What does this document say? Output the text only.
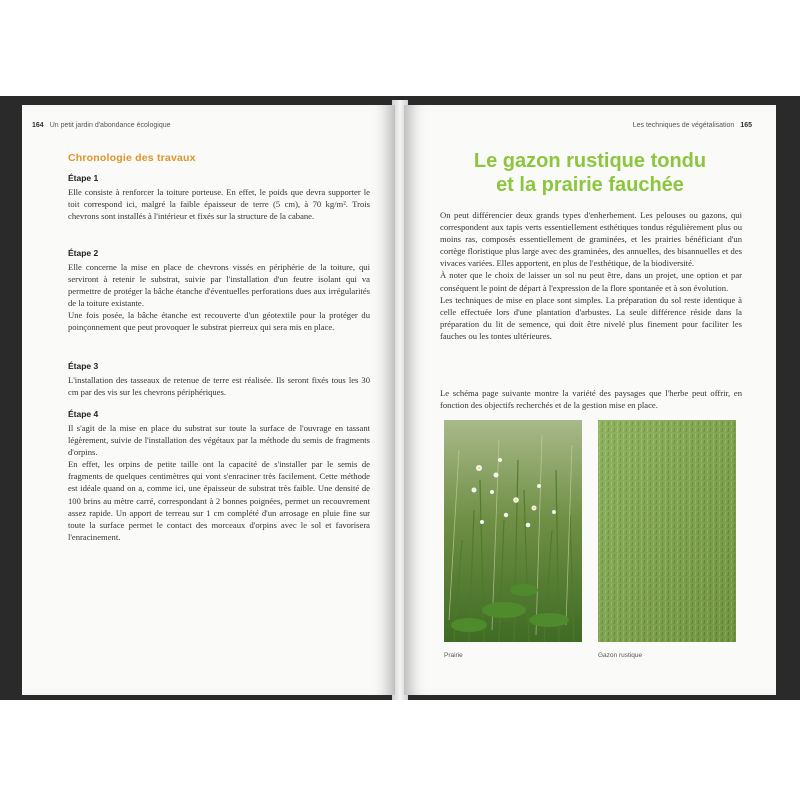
164 Un petit jardin d'abondance écologique
Chronologie des travaux
Étape 1

Elle consiste à renforcer la toiture porteuse. En effet, le poids que devra supporter le toit correspond ici, malgré la faible épaisseur de terre (5 cm), à 70 kg/m². Trois chevrons sont installés à l'intérieur et fixés sur la structure de la cabane.

Étape 2

Elle concerne la mise en place de chevrons vissés en périphérie de la toiture, qui serviront à retenir le substrat, suivie par l'installation d'un feutre isolant qui va permettre de protéger la bâche étanche d'éventuelles perforations dues aux irrégularités de la toiture existante.
Une fois posée, la bâche étanche est recouverte d'un géotextile pour la protéger du poinçonnement que peut provoquer le substrat pierreux qui sera mis en place.

Étape 3

L'installation des tasseaux de retenue de terre est réalisée. Ils seront fixés tous les 30 cm par des vis sur les chevrons périphériques.

Étape 4

Il s'agit de la mise en place du substrat sur toute la surface de l'ouvrage en tassant légèrement, suivie de l'installation des végétaux par la méthode du semis de fragments d'orpins.
En effet, les orpins de petite taille ont la capacité de s'installer par le semis de fragments de quelques centimètres qui vont s'enraciner très facilement. Cette méthode est idéale quand on a, comme ici, une épaisseur de substrat très faible. Une densité de 100 brins au mètre carré, correspondant à 2 bonnes poignées, permet un recouvrement assez rapide. Un apport de terreau sur 1 cm complété d'un arrosage en pluie fine sur toute la surface permet le contact des morceaux d'orpins avec le sol et favorisera l'enracinement.

Les techniques de végétalisation 165
Le gazon rustique tondu
et la prairie fauchée

On peut différencier deux grands types d'enherbement. Les pelouses ou gazons, qui correspondent aux tapis verts essentiellement esthétiques tondus régulièrement plus ou moins ras, composés essentiellement de graminées, et les prairies bénéficiant d'un cortège floristique plus large avec des graminées, des annuelles, des bisannuelles et des vivaces variées. Elles apportent, en plus de l'esthétique, de la biodiversité.
À noter que le choix de laisser un sol nu peut être, dans un projet, une option et par conséquent le point de départ à l'expression de la flore spontanée et à son évolution.
Les techniques de mise en place sont simples. La préparation du sol reste identique à celle effectuée lors d'une plantation d'arbustes. La seule différence réside dans la préparation du lit de semence, qui doit être nivelé plus finement pour faciliter les fauches ou les tontes ultérieures.

Le schéma page suivante montre la variété des paysages que l'herbe peut offrir, en fonction des objectifs recherchés et de la gestion mise en place.

Prairie	Gazon rustique
